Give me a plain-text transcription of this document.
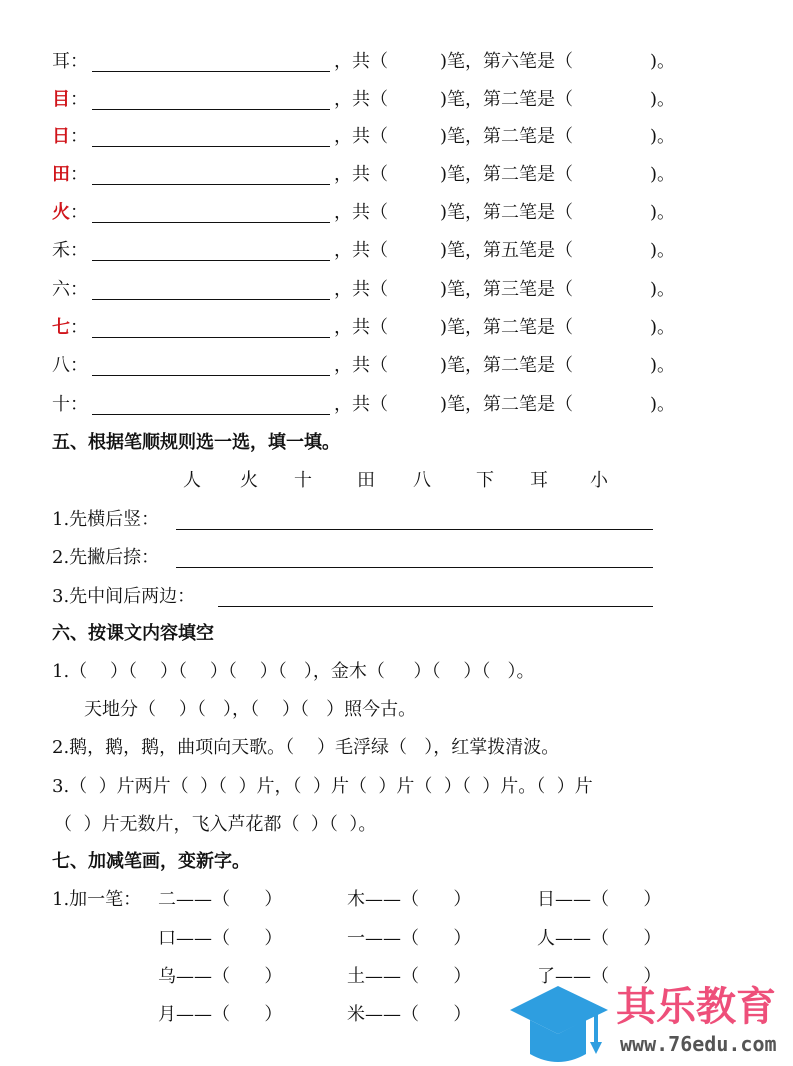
耳 ：	，共（	)笔，第六笔是（	)。
目 ：	，共（	)笔，第二笔是（	)。
日 ：	，共（	)笔，第二笔是（	)。
田 ：	，共（	)笔，第二笔是（	)。
火 ：	，共（	)笔，第二笔是（	)。
禾 ：	，共（	)笔，第五笔是（	)。
六 ：	，共（	)笔，第三笔是（	)。
七 ：	，共（	)笔，第二笔是（	)。
八 ：	，共（	)笔，第二笔是（	)。
十 ：	，共（	)笔，第二笔是（	)。
五、根据笔顺规则选一选，填一填。
人 火 十	田 八	下 耳 小
1.先横后竖：
2.先撇后捺：
3.先中间后两边：
六、按课文内容填空
1.（    ）（    ）（    ）（    ）（   ），金木（     ）（    ）（   ）。
天地分（    ）（   ），（    ）（   ）照今古。
2.鹅，鹅，鹅，曲项向天歌。（    ）毛浮绿（   ），红掌拨清波。
3.（  ）片两片（  ）（  ）片，（  ）片（  ）片（  ）（  ）片。（  ）片
（  ）片无数片，飞入芦花都（  ）（  ）。
七、加减笔画，变新字。
1.加一笔： 二——（      ）	木——（      ）	日——（      ）
口——（      ）	一——（      ）	人——（      ）
乌——（      ）	土——（      ）	了——（      ）
月——（      ）	米——（      ）	其乐教育
www.76edu.com
